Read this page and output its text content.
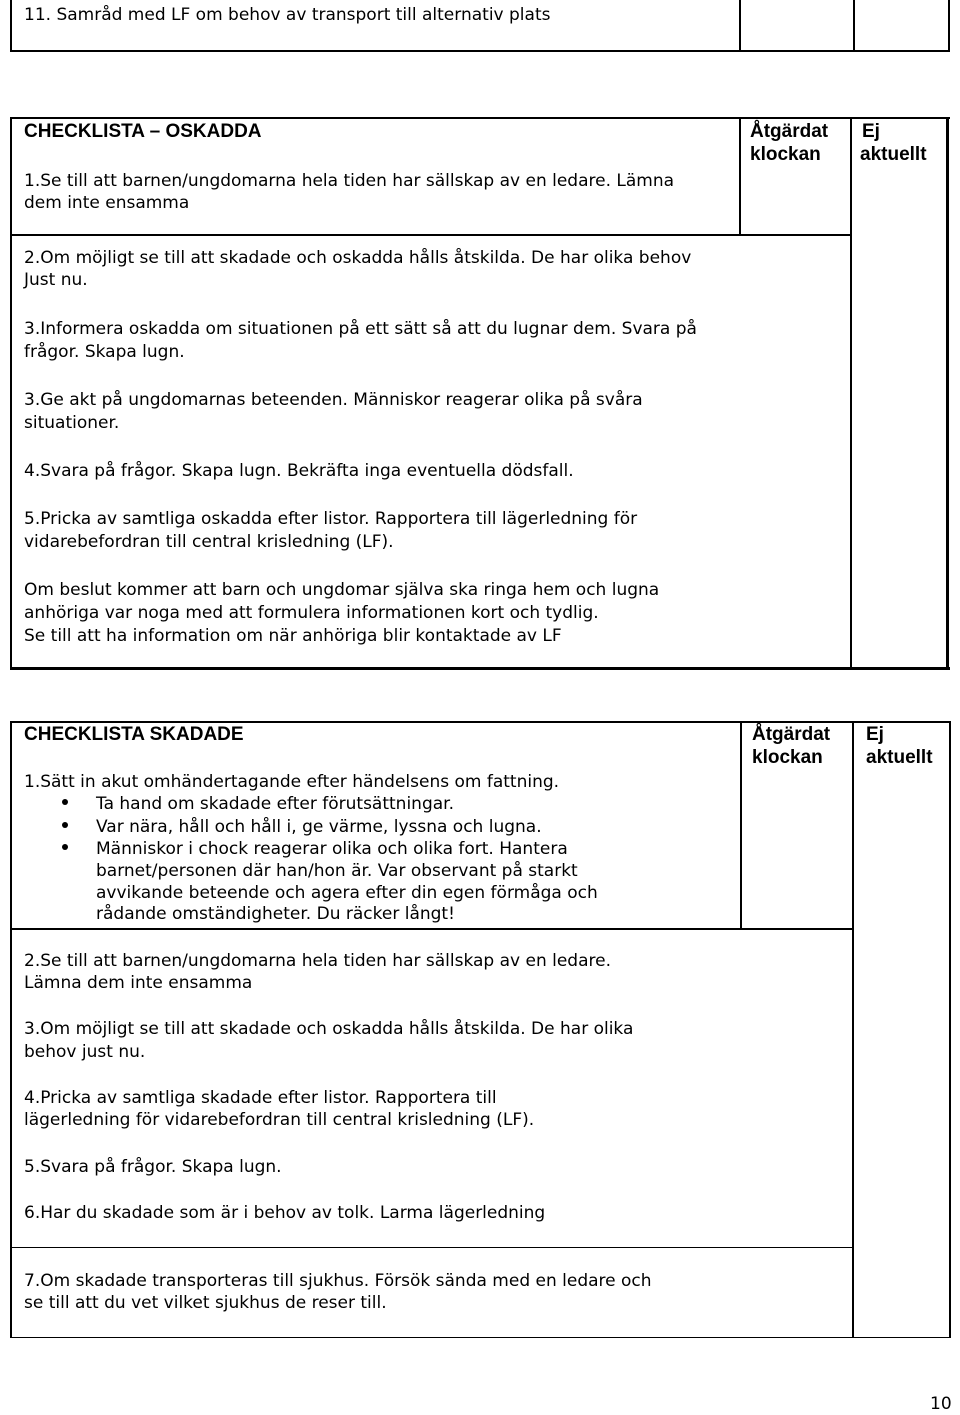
11. Samråd med LF om behov av transport till alternativ plats
CHECKLISTA – OSKADDA	Åtgärdat
klockan
Ej
aktuellt
1.Se till att barnen/ungdomarna hela tiden har sällskap av en ledare. Lämna
dem inte ensamma
2.Om möjligt se till att skadade och oskadda hålls åtskilda. De har olika behov
Just nu.
3.Informera oskadda om situationen på ett sätt så att du lugnar dem. Svara på
frågor. Skapa lugn.
3.Ge akt på ungdomarnas beteenden. Människor reagerar olika på svåra
situationer.
4.Svara på frågor. Skapa lugn. Bekräfta inga eventuella dödsfall.
5.Pricka av samtliga oskadda efter listor. Rapportera till lägerledning för
vidarebefordran till central krisledning (LF).
Om beslut kommer att barn och ungdomar själva ska ringa hem och lugna
anhöriga var noga med att formulera informationen kort och tydlig.
Se till att ha information om när anhöriga blir kontaktade av LF
CHECKLISTA SKADADE	Åtgärdat
klockan
Ej
aktuellt
1.Sätt in akut omhändertagande efter händelsens om fattning.
Ta hand om skadade efter förutsättningar.
Var nära, håll och håll i, ge värme, lyssna och lugna.
Människor i chock reagerar olika och olika fort. Hantera
barnet/personen där han/hon är. Var observant på starkt
avvikande beteende och agera efter din egen förmåga och
rådande omständigheter. Du räcker långt!
2.Se till att barnen/ungdomarna hela tiden har sällskap av en ledare.
Lämna dem inte ensamma
3.Om möjligt se till att skadade och oskadda hålls åtskilda. De har olika
behov just nu.
4.Pricka av samtliga skadade efter listor. Rapportera till
lägerledning för vidarebefordran till central krisledning (LF).
5.Svara på frågor. Skapa lugn.
6.Har du skadade som är i behov av tolk. Larma lägerledning
7.Om skadade transporteras till sjukhus. Försök sända med en ledare och
se till att du vet vilket sjukhus de reser till.
10
